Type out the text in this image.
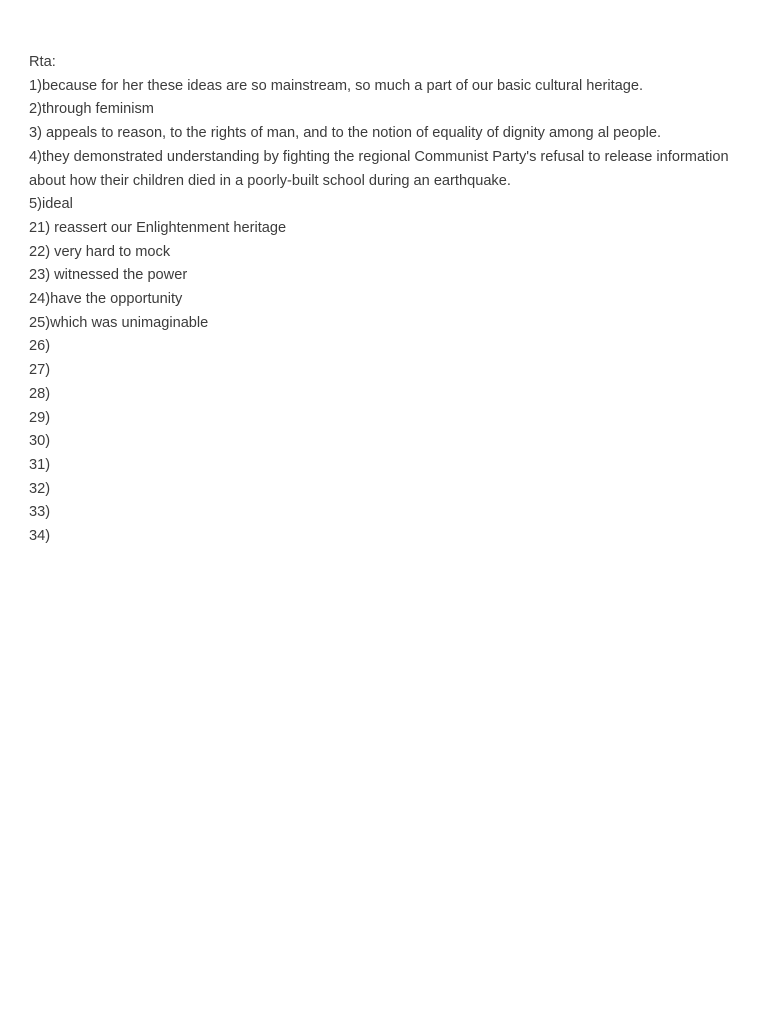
Rta:
1)because for her these ideas are so mainstream, so much a part of our basic cultural heritage.
2)through feminism
3) appeals to reason, to the rights of man, and to the notion of equality of dignity among al people.
4)they demonstrated understanding by fighting the regional Communist Party's refusal to release information about how their children died in a poorly-built school during an earthquake.
5)ideal
21) reassert our Enlightenment heritage
22) very hard to mock
23) witnessed the power
24)have the opportunity
25)which was unimaginable
26)
27)
28)
29)
30)
31)
32)
33)
34)
